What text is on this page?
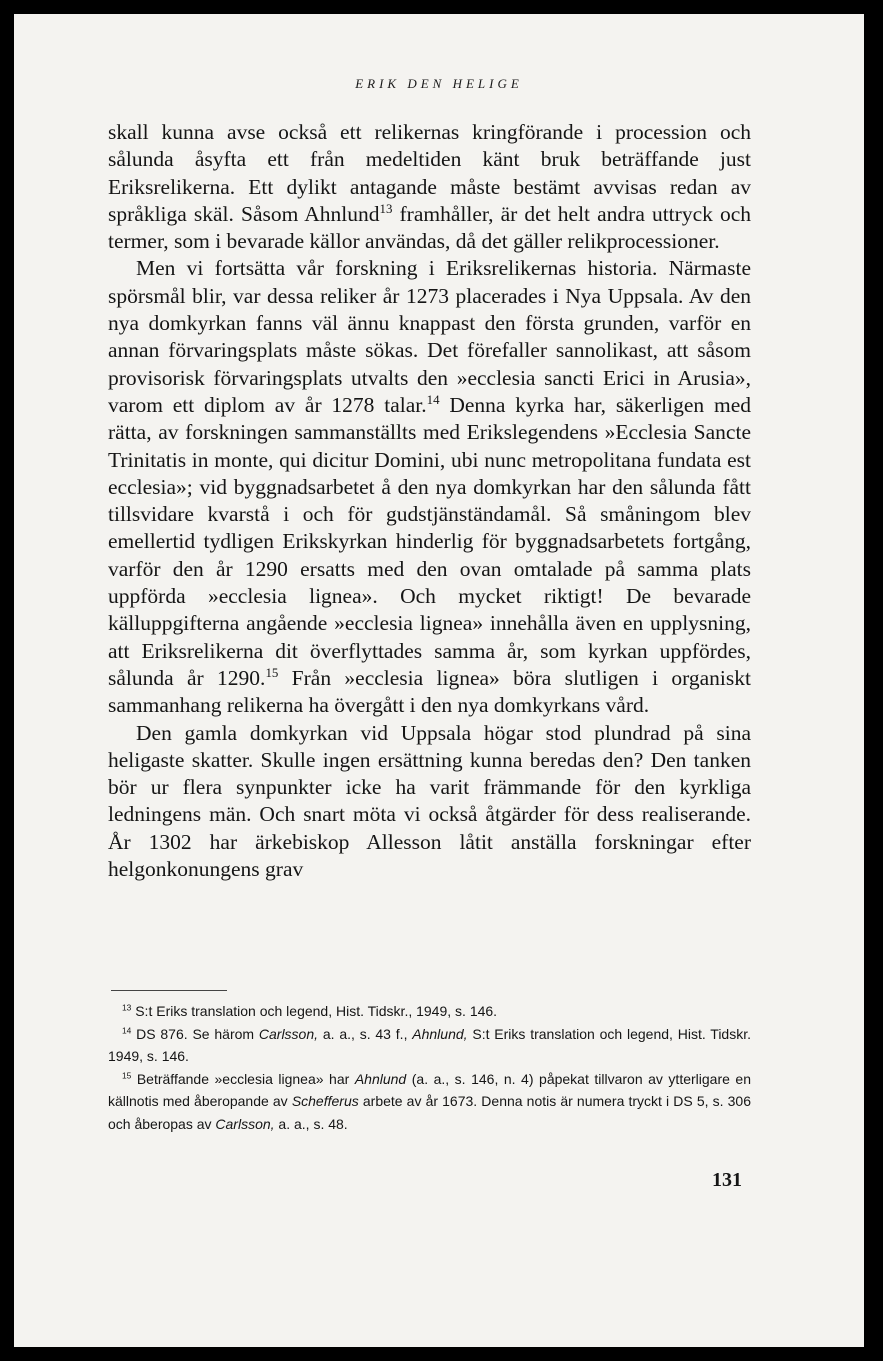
ERIK DEN HELIGE

skall kunna avse också ett relikernas kringförande i procession och sålunda åsyfta ett från medeltiden känt bruk beträffande just Eriksrelikerna. Ett dylikt antagande måste bestämt avvisas redan av språkliga skäl. Såsom Ahnlund$^{13}$ framhåller, är det helt andra uttryck och termer, som i bevarade källor användas, då det gäller relikprocessioner.

Men vi fortsätta vår forskning i Eriksrelikernas historia. Närmaste spörsmål blir, var dessa reliker år 1273 placerades i Nya Uppsala. Av den nya domkyrkan fanns väl ännu knappast den första grunden, varför en annan förvaringsplats måste sökas. Det förefaller sannolikast, att såsom provisorisk förvaringsplats utvalts den »ecclesia sancti Erici in Arusia», varom ett diplom av år 1278 talar.$^{14}$ Denna kyrka har, säkerligen med rätta, av forskningen sammanställts med Erikslegendens »Ecclesia Sancte Trinitatis in monte, qui dicitur Domini, ubi nunc metropolitana fundata est ecclesia»; vid byggnadsarbetet å den nya domkyrkan har den sålunda fått tillsvidare kvarstå i och för gudstjänständamål. Så småningom blev emellertid tydligen Erikskyrkan hinderlig för byggnadsarbetets fortgång, varför den år 1290 ersatts med den ovan omtalade på samma plats uppförda »ecclesia lignea». Och mycket riktigt! De bevarade källuppgifterna angående »ecclesia lignea» innehålla även en upplysning, att Eriksrelikerna dit överflyttades samma år, som kyrkan uppfördes, sålunda år 1290.15 Från »ecclesia lignea» böra slutligen i organiskt sammanhang relikerna ha övergått i den nya domkyrkans vård.

Den gamla domkyrkan vid Uppsala högar stod plundrad på sina heligaste skatter. Skulle ingen ersättning kunna beredas den? Den tanken bör ur flera synpunkter icke ha varit främmande för den kyrkliga ledningens män. Och snart möta vi också åtgärder för dess realiserande. År 1302 har ärkebiskop Allesson låtit anställa forskningar efter helgonkonungens grav

$^{13}$ S:t Eriks translation och legend, Hist. Tidskr., 1949, s. 146.

$^{14}$ DS 876. Se härom Carlsson, a. a., s. 43 f., Ahnlund, S:t Eriks translation och legend, Hist. Tidskr. 1949, s. 146.

$^{15}$ Beträffande »ecclesia lignea» har Ahnlund (a. a., s. 146, n. 4) påpekat tillvaron av ytterligare en källnotis med åberopande av Schefferus arbete av år 1673. Denna notis är numera tryckt i DS 5, s. 306 och åberopas av Carlsson, a. a., s. 48.

131
